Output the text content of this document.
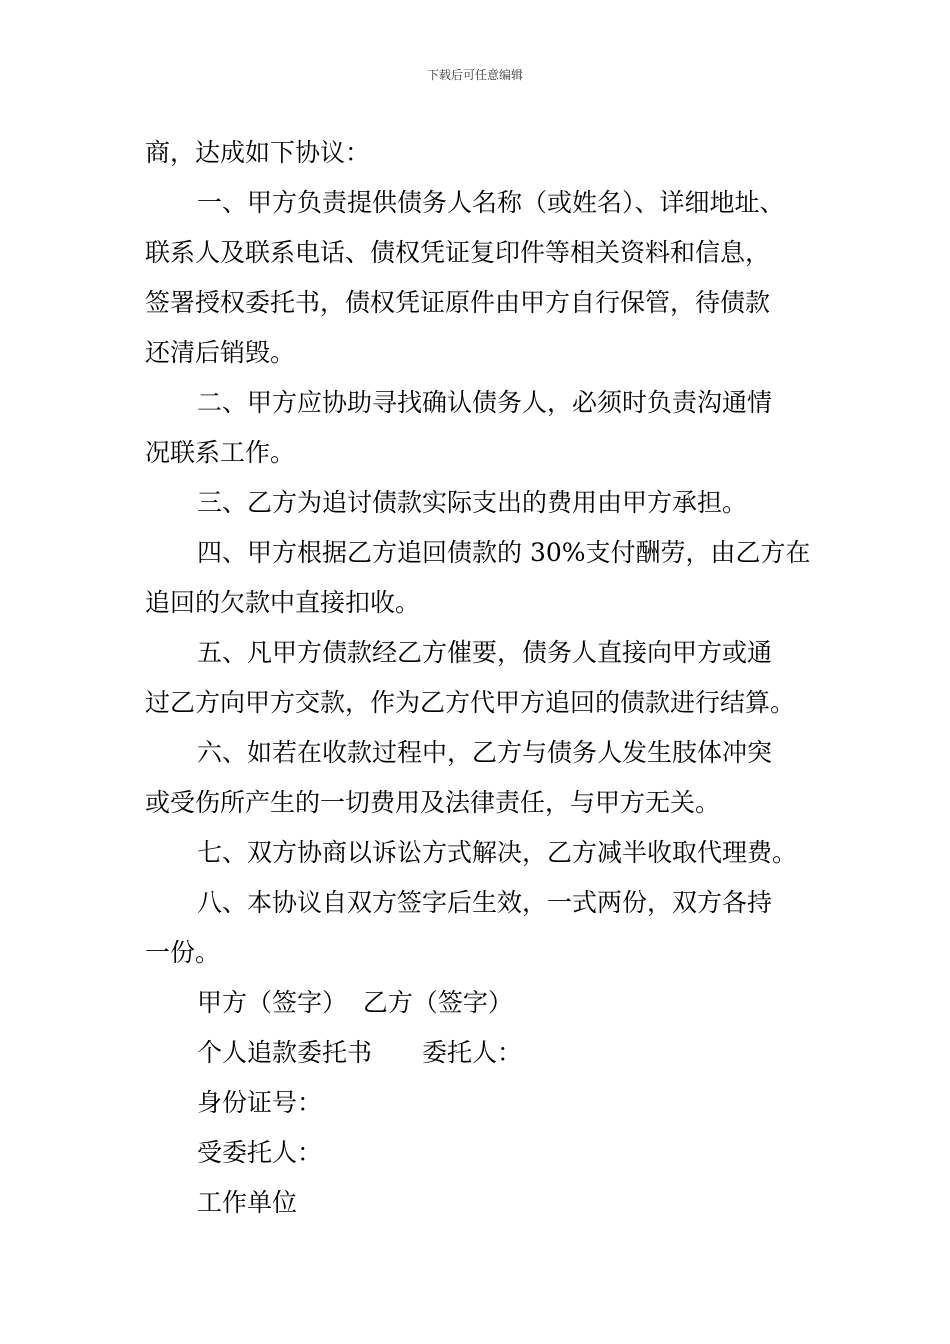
下载后可任意编辑

商，达成如下协议：

一、甲方负责提供债务人名称（或姓名）、详细地址、

联系人及联系电话、债权凭证复印件等相关资料和信息，

签署授权委托书，债权凭证原件由甲方自行保管，待债款

还清后销毁。

二、甲方应协助寻找确认债务人，必须时负责沟通情

况联系工作。

三、乙方为追讨债款实际支出的费用由甲方承担。

四、甲方根据乙方追回债款的 30%支付酬劳，由乙方在

追回的欠款中直接扣收。

五、凡甲方债款经乙方催要，债务人直接向甲方或通

过乙方向甲方交款，作为乙方代甲方追回的债款进行结算。

六、如若在收款过程中，乙方与债务人发生肢体冲突

或受伤所产生的一切费用及法律责任，与甲方无关。

七、双方协商以诉讼方式解决，乙方减半收取代理费。

八、本协议自双方签字后生效，一式两份，双方各持

一份。

甲方（签字）  乙方（签字）

个人追款委托书 委托人：

身份证号：

受委托人：

工作单位
